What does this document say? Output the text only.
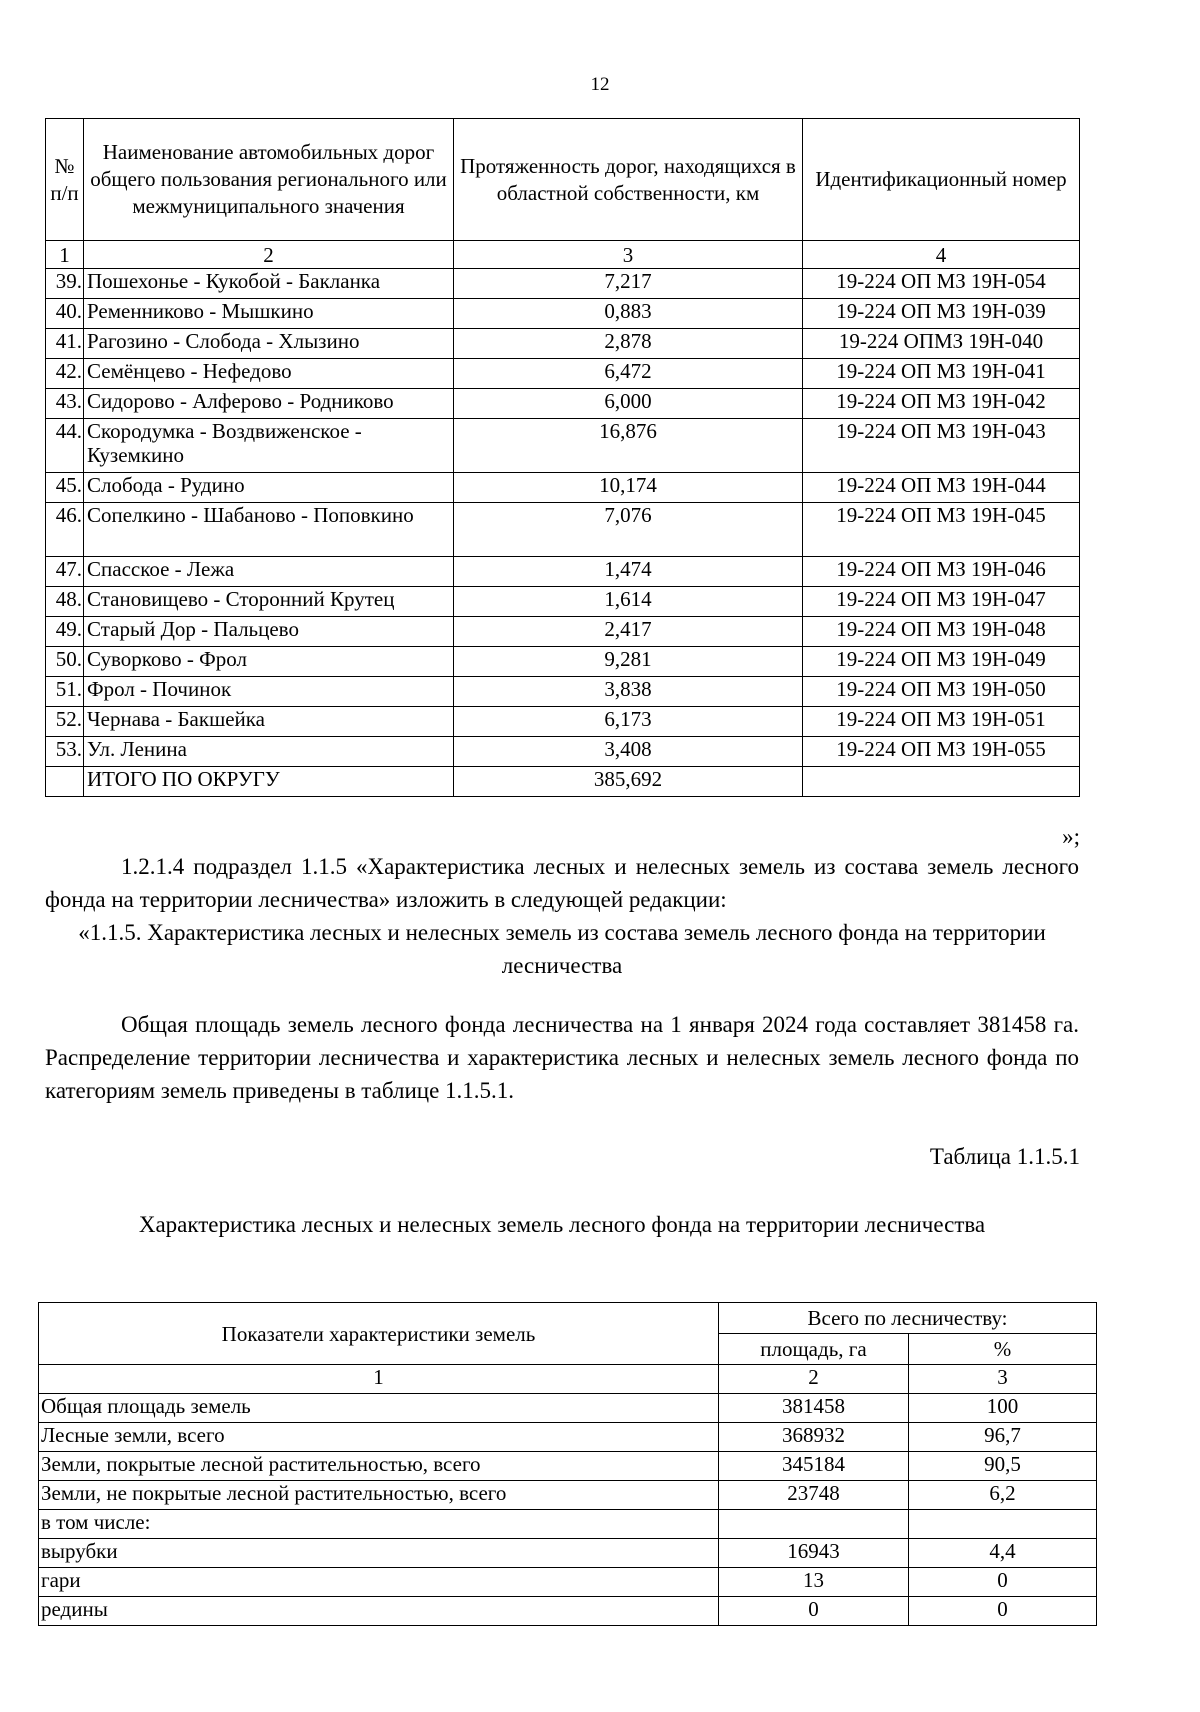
12
№ п/п	Наименование автомобильных дорог общего пользования регионального или межмуниципального значения	Протяженность дорог, находящихся в областной собственности, км	Идентификационный номер
1	2	3	4
39.	Пошехонье - Кукобой - Бакланка	7,217	19-224 ОП МЗ 19Н-054
40.	Ременниково - Мышкино	0,883	19-224 ОП МЗ 19Н-039
41.	Рагозино - Слобода - Хлызино	2,878	19-224 ОПМЗ 19Н-040
42.	Семёнцево - Нефедово	6,472	19-224 ОП МЗ 19Н-041
43.	Сидорово - Алферово - Родниково	6,000	19-224 ОП МЗ 19Н-042
44.	Скородумка - Воздвиженское - Куземкино	16,876	19-224 ОП МЗ 19Н-043
45.	Слобода - Рудино	10,174	19-224 ОП МЗ 19Н-044
46.	Сопелкино - Шабаново - Поповкино	7,076	19-224 ОП МЗ 19Н-045
47.	Спасское - Лежа	1,474	19-224 ОП МЗ 19Н-046
48.	Становищево - Сторонний Крутец	1,614	19-224 ОП МЗ 19Н-047
49.	Старый Дор - Пальцево	2,417	19-224 ОП МЗ 19Н-048
50.	Суворково - Фрол	9,281	19-224 ОП МЗ 19Н-049
51.	Фрол - Починок	3,838	19-224 ОП МЗ 19Н-050
52.	Чернава - Бакшейка	6,173	19-224 ОП МЗ 19Н-051
53.	Ул. Ленина	3,408	19-224 ОП МЗ 19Н-055
	ИТОГО ПО ОКРУГУ	385,692	
»;
1.2.1.4 подраздел 1.1.5 «Характеристика лесных и нелесных земель из состава земель лесного фонда на территории лесничества» изложить в следующей редакции:
«1.1.5. Характеристика лесных и нелесных земель из состава земель лесного фонда на территории лесничества
Общая площадь земель лесного фонда лесничества на 1 января 2024 года составляет 381458 га. Распределение территории лесничества и характеристика лесных и нелесных земель лесного фонда по категориям земель приведены в таблице 1.1.5.1.
Таблица 1.1.5.1
Характеристика лесных и нелесных земель лесного фонда на территории лесничества
Показатели характеристики земель	Всего по лесничеству:	
	площадь, га	%
1	2	3
Общая площадь земель	381458	100
Лесные земли, всего	368932	96,7
Земли, покрытые лесной растительностью, всего	345184	90,5
Земли, не покрытые лесной растительностью, всего	23748	6,2
в том числе:		
вырубки	16943	4,4
гари	13	0
редины	0	0
